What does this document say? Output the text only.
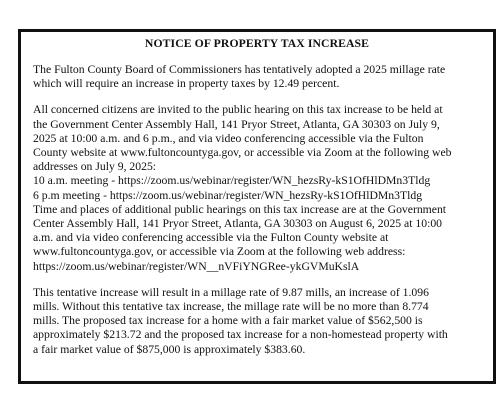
NOTICE OF PROPERTY TAX INCREASE
The Fulton County Board of Commissioners has tentatively adopted a 2025 millage rate
which will require an increase in property taxes by 12.49 percent.
All concerned citizens are invited to the public hearing on this tax increase to be held at
the Government Center Assembly Hall, 141 Pryor Street, Atlanta, GA 30303 on July 9,
2025 at 10:00 a.m. and 6 p.m., and via video conferencing accessible via the Fulton
County website at www.fultoncountyga.gov, or accessible via Zoom at the following web
addresses on July 9, 2025:
10 a.m. meeting - https://zoom.us/webinar/register/WN_hezsRy-kS1OfHlDMn3Tldg
6 p.m meeting - https://zoom.us/webinar/register/WN_hezsRy-kS1OfHlDMn3Tldg
Time and places of additional public hearings on this tax increase are at the Government
Center Assembly Hall, 141 Pryor Street, Atlanta, GA 30303 on August 6, 2025 at 10:00
a.m. and via video conferencing accessible via the Fulton County website at
www.fultoncountyga.gov, or accessible via Zoom at the following web address:
https://zoom.us/webinar/register/WN__nVFiYNGRee-ykGVMuKslA
This tentative increase will result in a millage rate of 9.87 mills, an increase of 1.096
mills. Without this tentative tax increase, the millage rate will be no more than 8.774
mills. The proposed tax increase for a home with a fair market value of $562,500 is
approximately $213.72 and the proposed tax increase for a non-homestead property with
a fair market value of $875,000 is approximately $383.60.
